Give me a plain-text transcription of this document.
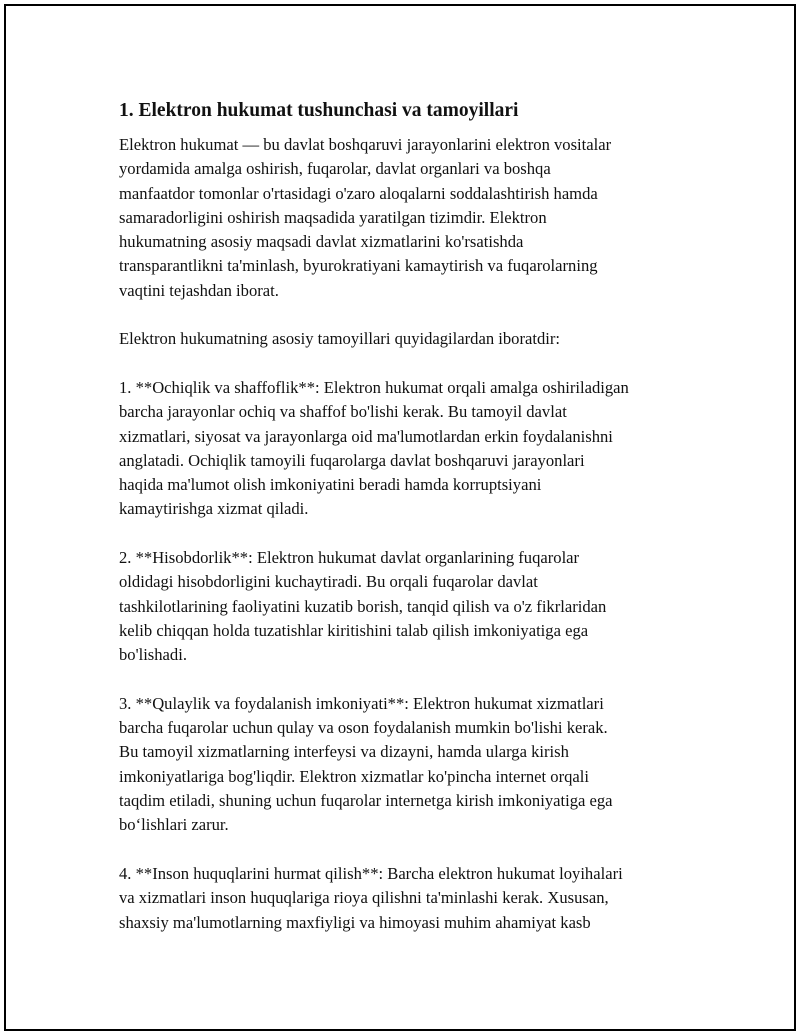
1. Elektron hukumat tushunchasi va tamoyillari
Elektron hukumat — bu davlat boshqaruvi jarayonlarini elektron vositalar
yordamida amalga oshirish, fuqarolar, davlat organlari va boshqa
manfaatdor tomonlar o'rtasidagi o'zaro aloqalarni soddalashtirish hamda
samaradorligini oshirish maqsadida yaratilgan tizimdir. Elektron
hukumatning asosiy maqsadi davlat xizmatlarini ko'rsatishda
transparantlikni ta'minlash, byurokratiyani kamaytirish va fuqarolarning
vaqtini tejashdan iborat.
Elektron hukumatning asosiy tamoyillari quyidagilardan iboratdir:
1. **Ochiqlik va shaffoflik**: Elektron hukumat orqali amalga oshiriladigan
barcha jarayonlar ochiq va shaffof bo'lishi kerak. Bu tamoyil davlat
xizmatlari, siyosat va jarayonlarga oid ma'lumotlardan erkin foydalanishni
anglatadi. Ochiqlik tamoyili fuqarolarga davlat boshqaruvi jarayonlari
haqida ma'lumot olish imkoniyatini beradi hamda korruptsiyani
kamaytirishga xizmat qiladi.
2. **Hisobdorlik**: Elektron hukumat davlat organlarining fuqarolar
oldidagi hisobdorligini kuchaytiradi. Bu orqali fuqarolar davlat
tashkilotlarining faoliyatini kuzatib borish, tanqid qilish va o'z fikrlaridan
kelib chiqqan holda tuzatishlar kiritishini talab qilish imkoniyatiga ega
bo'lishadi.
3. **Qulaylik va foydalanish imkoniyati**: Elektron hukumat xizmatlari
barcha fuqarolar uchun qulay va oson foydalanish mumkin bo'lishi kerak.
Bu tamoyil xizmatlarning interfeysi va dizayni, hamda ularga kirish
imkoniyatlariga bog'liqdir. Elektron xizmatlar ko'pincha internet orqali
taqdim etiladi, shuning uchun fuqarolar internetga kirish imkoniyatiga ega
bo‘lishlari zarur.
4. **Inson huquqlarini hurmat qilish**: Barcha elektron hukumat loyihalari
va xizmatlari inson huquqlariga rioya qilishni ta'minlashi kerak. Xususan,
shaxsiy ma'lumotlarning maxfiyligi va himoyasi muhim ahamiyat kasb
